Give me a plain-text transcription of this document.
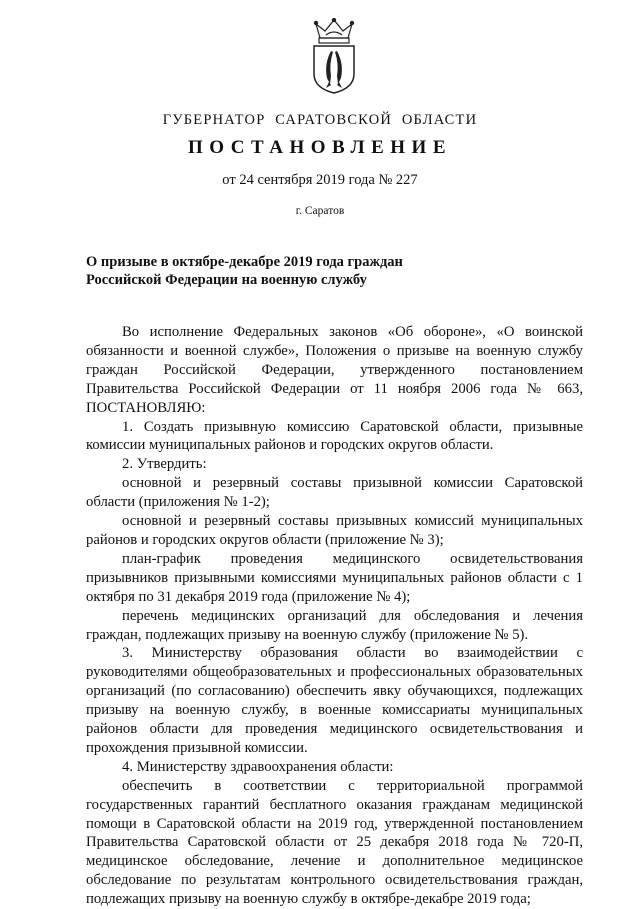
ГУБЕРНАТОР САРАТОВСКОЙ ОБЛАСТИ
ПОСТАНОВЛЕНИЕ
от 24 сентября 2019 года № 227
г. Саратов
О призыве в октябре-декабре 2019 года граждан
Российской Федерации на военную службу

Во исполнение Федеральных законов «Об обороне», «О воинской обязанности и военной службе», Положения о призыве на военную службу граждан Российской Федерации, утвержденного постановлением Правительства Российской Федерации от 11 ноября 2006 года № 663, ПОСТАНОВЛЯЮ:

1. Создать призывную комиссию Саратовской области, призывные комиссии муниципальных районов и городских округов области.

2. Утвердить:

основной и резервный составы призывной комиссии Саратовской области (приложения № 1-2);

основной и резервный составы призывных комиссий муниципальных районов и городских округов области (приложение № 3);

план-график проведения медицинского освидетельствования призывников призывными комиссиями муниципальных районов области с 1 октября по 31 декабря 2019 года (приложение № 4);

перечень медицинских организаций для обследования и лечения граждан, подлежащих призыву на военную службу (приложение № 5).

3. Министерству образования области во взаимодействии с руководителями общеобразовательных и профессиональных образовательных организаций (по согласованию) обеспечить явку обучающихся, подлежащих призыву на военную службу, в военные комиссариаты муниципальных районов области для проведения медицинского освидетельствования и прохождения призывной комиссии.

4. Министерству здравоохранения области:

обеспечить в соответствии с территориальной программой государственных гарантий бесплатного оказания гражданам медицинской помощи в Саратовской области на 2019 год, утвержденной постановлением Правительства Саратовской области от 25 декабря 2018 года № 720-П, медицинское обследование, лечение и дополнительное медицинское обследование по результатам контрольного освидетельствования граждан, подлежащих призыву на военную службу в октябре-декабре 2019 года;
